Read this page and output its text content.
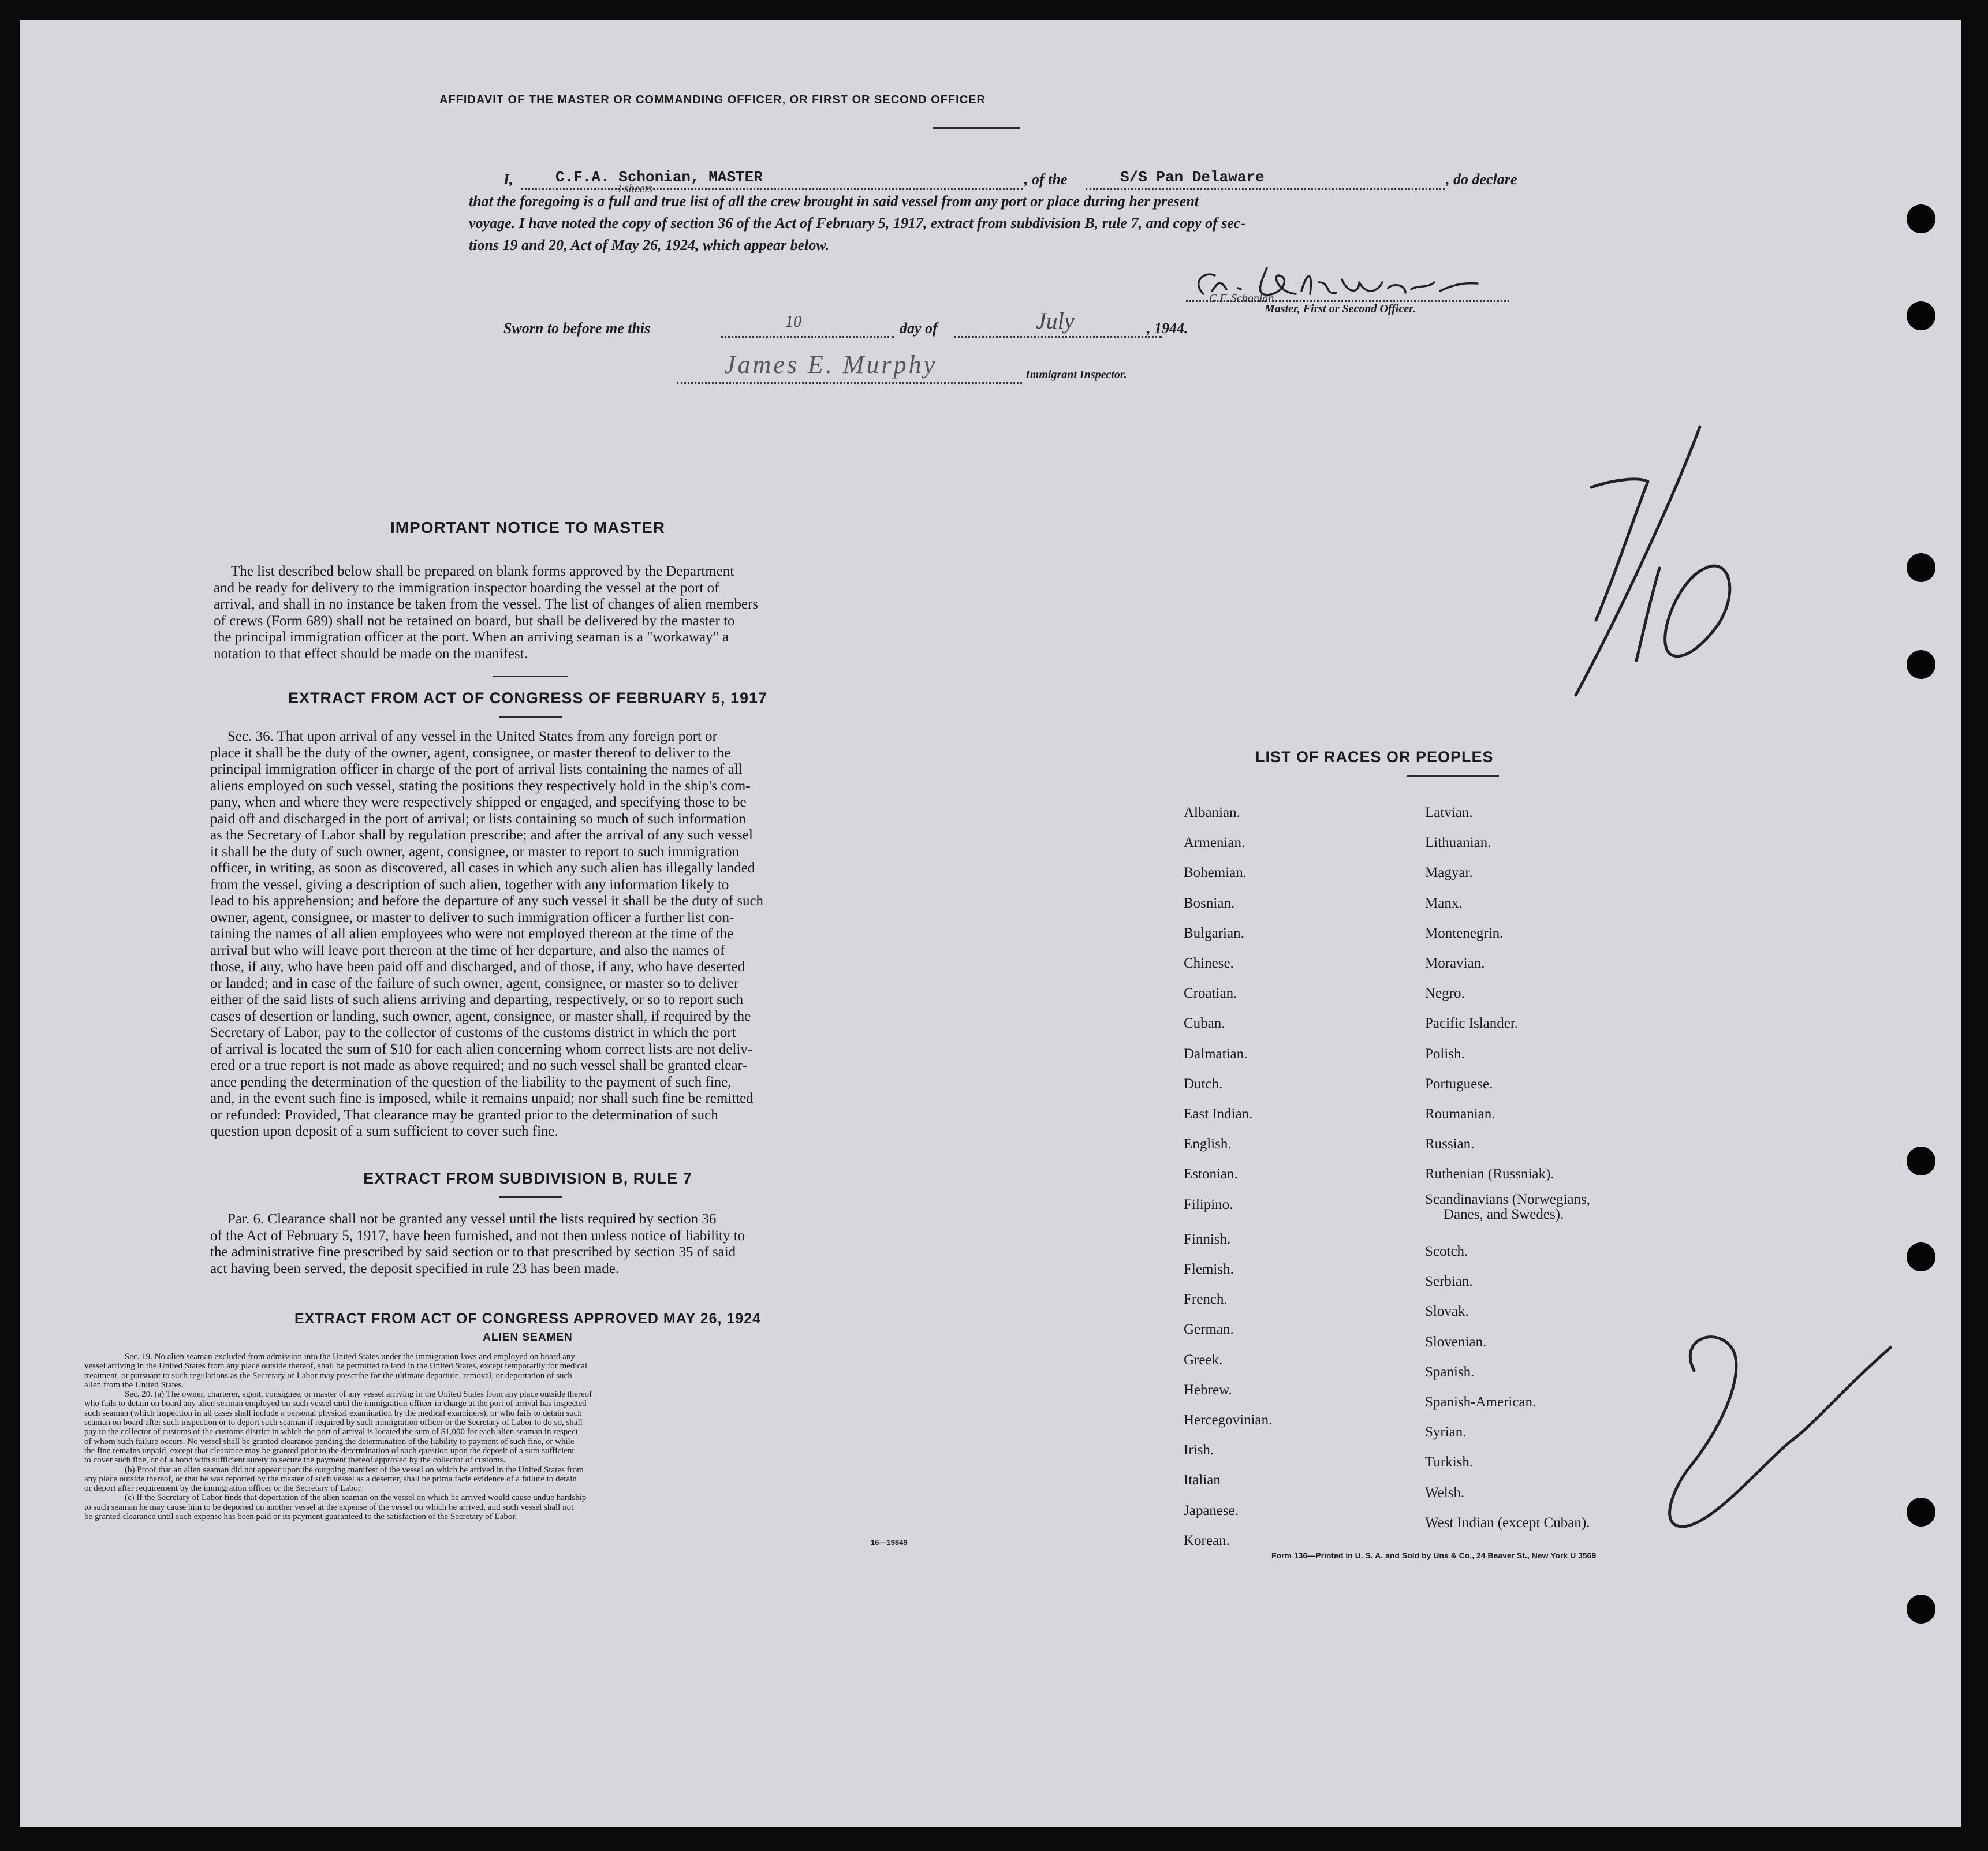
AFFIDAVIT OF THE MASTER OR COMMANDING OFFICER, OR FIRST OR SECOND OFFICER
I,	C.F.A. Schonian, MASTER	, of the	S/S Pan Delaware	, do declare
that the foregoing is a full and true list of all the crew brought in said vessel from any port or place during her present
3 sheets
voyage. I have noted the copy of section 36 of the Act of February 5, 1917, extract from subdivision B, rule 7, and copy of sec-
tions 19 and 20, Act of May 26, 1924, which appear below.
C.F. Schonian
Master, First or Second Officer.
Sworn to before me this	10	day of	July	, 1944.
James E. Murphy	Immigrant Inspector.
IMPORTANT NOTICE TO MASTER
The list described below shall be prepared on blank forms approved by the Department
and be ready for delivery to the immigration inspector boarding the vessel at the port of
arrival, and shall in no instance be taken from the vessel. The list of changes of alien members
of crews (Form 689) shall not be retained on board, but shall be delivered by the master to
the principal immigration officer at the port. When an arriving seaman is a "workaway" a
notation to that effect should be made on the manifest.
EXTRACT FROM ACT OF CONGRESS OF FEBRUARY 5, 1917
Sec. 36. That upon arrival of any vessel in the United States from any foreign port or
place it shall be the duty of the owner, agent, consignee, or master thereof to deliver to the
principal immigration officer in charge of the port of arrival lists containing the names of all
aliens employed on such vessel, stating the positions they respectively hold in the ship's com-
pany, when and where they were respectively shipped or engaged, and specifying those to be
paid off and discharged in the port of arrival; or lists containing so much of such information
as the Secretary of Labor shall by regulation prescribe; and after the arrival of any such vessel
it shall be the duty of such owner, agent, consignee, or master to report to such immigration
officer, in writing, as soon as discovered, all cases in which any such alien has illegally landed
from the vessel, giving a description of such alien, together with any information likely to
lead to his apprehension; and before the departure of any such vessel it shall be the duty of such
owner, agent, consignee, or master to deliver to such immigration officer a further list con-
taining the names of all alien employees who were not employed thereon at the time of the
arrival but who will leave port thereon at the time of her departure, and also the names of
those, if any, who have been paid off and discharged, and of those, if any, who have deserted
or landed; and in case of the failure of such owner, agent, consignee, or master so to deliver
either of the said lists of such aliens arriving and departing, respectively, or so to report such
cases of desertion or landing, such owner, agent, consignee, or master shall, if required by the
Secretary of Labor, pay to the collector of customs of the customs district in which the port
of arrival is located the sum of $10 for each alien concerning whom correct lists are not deliv-
ered or a true report is not made as above required; and no such vessel shall be granted clear-
ance pending the determination of the question of the liability to the payment of such fine,
and, in the event such fine is imposed, while it remains unpaid; nor shall such fine be remitted
or refunded: Provided, That clearance may be granted prior to the determination of such
question upon deposit of a sum sufficient to cover such fine.
EXTRACT FROM SUBDIVISION B, RULE 7
Par. 6. Clearance shall not be granted any vessel until the lists required by section 36
of the Act of February 5, 1917, have been furnished, and not then unless notice of liability to
the administrative fine prescribed by said section or to that prescribed by section 35 of said
act having been served, the deposit specified in rule 23 has been made.
EXTRACT FROM ACT OF CONGRESS APPROVED MAY 26, 1924
ALIEN SEAMEN
Sec. 19. No alien seaman excluded from admission into the United States under the immigration laws and employed on board any
vessel arriving in the United States from any place outside thereof, shall be permitted to land in the United States, except temporarily for medical
treatment, or pursuant to such regulations as the Secretary of Labor may prescribe for the ultimate departure, removal, or deportation of such
alien from the United States.
Sec. 20. (a) The owner, charterer, agent, consignee, or master of any vessel arriving in the United States from any place outside thereof
who fails to detain on board any alien seaman employed on such vessel until the immigration officer in charge at the port of arrival has inspected
such seaman (which inspection in all cases shall include a personal physical examination by the medical examiners), or who fails to detain such
seaman on board after such inspection or to deport such seaman if required by such immigration officer or the Secretary of Labor to do so, shall
pay to the collector of customs of the customs district in which the port of arrival is located the sum of $1,000 for each alien seaman in respect
of whom such failure occurs. No vessel shall be granted clearance pending the determination of the liability to payment of such fine, or while
the fine remains unpaid, except that clearance may be granted prior to the determination of such question upon the deposit of a sum sufficient
to cover such fine, or of a bond with sufficient surety to secure the payment thereof approved by the collector of customs.
(b) Proof that an alien seaman did not appear upon the outgoing manifest of the vessel on which he arrived in the United States from
any place outside thereof, or that he was reported by the master of such vessel as a deserter, shall be prima facie evidence of a failure to detain
or deport after requirement by the immigration officer or the Secretary of Labor.
(c) If the Secretary of Labor finds that deportation of the alien seaman on the vessel on which he arrived would cause undue hardship
to such seaman he may cause him to be deported on another vessel at the expense of the vessel on which he arrived, and such vessel shall not
be granted clearance until such expense has been paid or its payment guaranteed to the satisfaction of the Secretary of Labor.
16—19849
LIST OF RACES OR PEOPLES
Form 136—Printed in U. S. A. and Sold by Uns & Co., 24 Beaver St., New York U 3569
Albanian.
Armenian.
Bohemian.
Bosnian.
Bulgarian.
Chinese.
Croatian.
Cuban.
Dalmatian.
Dutch.
East Indian.
English.
Estonian.
Filipino.
Finnish.
Flemish.
French.
German.
Greek.
Hebrew.
Hercegovinian.
Irish.
Italian
Japanese.
Korean.
Latvian.
Lithuanian.
Magyar.
Manx.
Montenegrin.
Moravian.
Negro.
Pacific Islander.
Polish.
Portuguese.
Roumanian.
Russian.
Ruthenian (Russniak).
Scandinavians (Norwegians,
Danes, and Swedes).
Scotch.
Serbian.
Slovak.
Slovenian.
Spanish.
Spanish-American.
Syrian.
Turkish.
Welsh.
West Indian (except Cuban).
